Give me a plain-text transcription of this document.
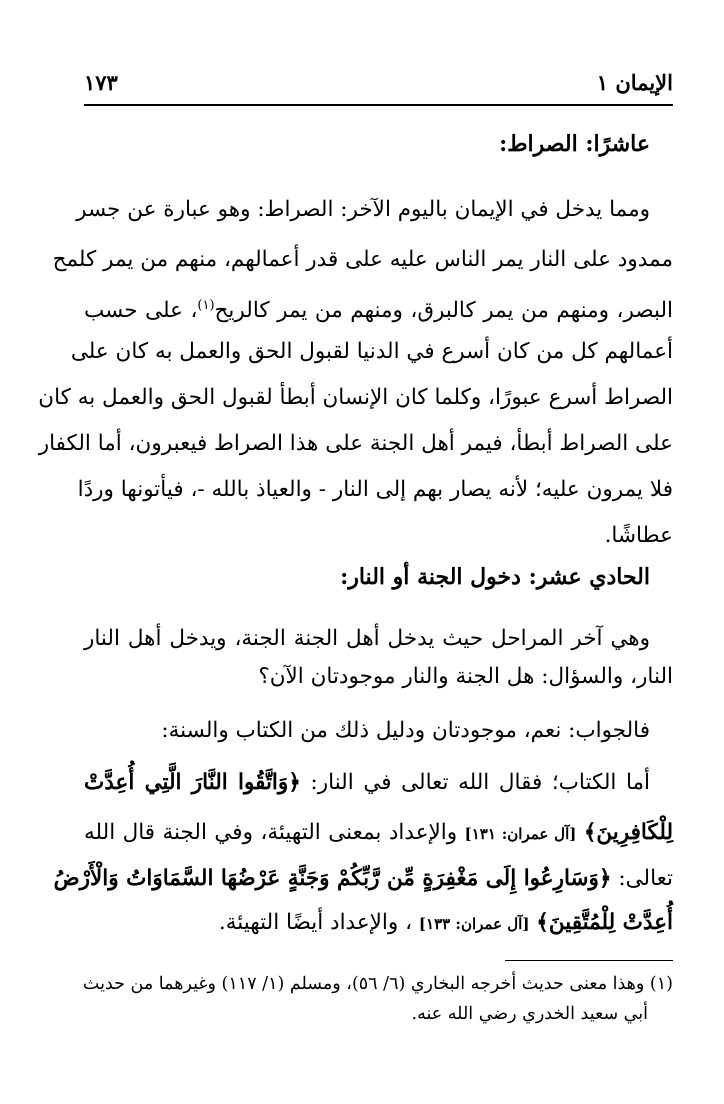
الإيمان ١
١٧٣
عاشرًا: الصراط:
ومما يدخل في الإيمان باليوم الآخر: الصراط: وهو عبارة عن جسر
ممدود على النار يمر الناس عليه على قدر أعمالهم، منهم من يمر كلمح
البصر، ومنهم من يمر كالبرق، ومنهم من يمر كالريح$^{(١)}$، على حسب
أعمالهم كل من كان أسرع في الدنيا لقبول الحق والعمل به كان على
الصراط أسرع عبورًا، وكلما كان الإنسان أبطأ لقبول الحق والعمل به كان
على الصراط أبطأ، فيمر أهل الجنة على هذا الصراط فيعبرون، أما الكفار
فلا يمرون عليه؛ لأنه يصار بهم إلى النار - والعياذ بالله -، فيأتونها وردًا
عطاشًا.
الحادي عشر: دخول الجنة أو النار:
وهي آخر المراحل حيث يدخل أهل الجنة الجنة، ويدخل أهل النار
النار، والسؤال: هل الجنة والنار موجودتان الآن؟
فالجواب: نعم، موجودتان ودليل ذلك من الكتاب والسنة:
أما الكتاب؛ فقال الله تعالى في النار: ﴿وَاتَّقُوا النَّارَ الَّتِي أُعِدَّتْ
لِلْكَافِرِينَ﴾ [آل عمران: ١٣١] والإعداد بمعنى التهيئة، وفي الجنة قال الله
تعالى: ﴿وَسَارِعُوا إِلَى مَغْفِرَةٍ مِّن رَّبِّكُمْ وَجَنَّةٍ عَرْضُهَا السَّمَاوَاتُ وَالْأَرْضُ
أُعِدَّتْ لِلْمُتَّقِينَ﴾ [آل عمران: ١٣٣] ، والإعداد أيضًا التهيئة.
(١) وهذا معنى حديث أخرجه البخاري (٦/ ٥٦)، ومسلم (١/ ١١٧) وغيرهما من حديث
أبي سعيد الخدري رضي الله عنه.
